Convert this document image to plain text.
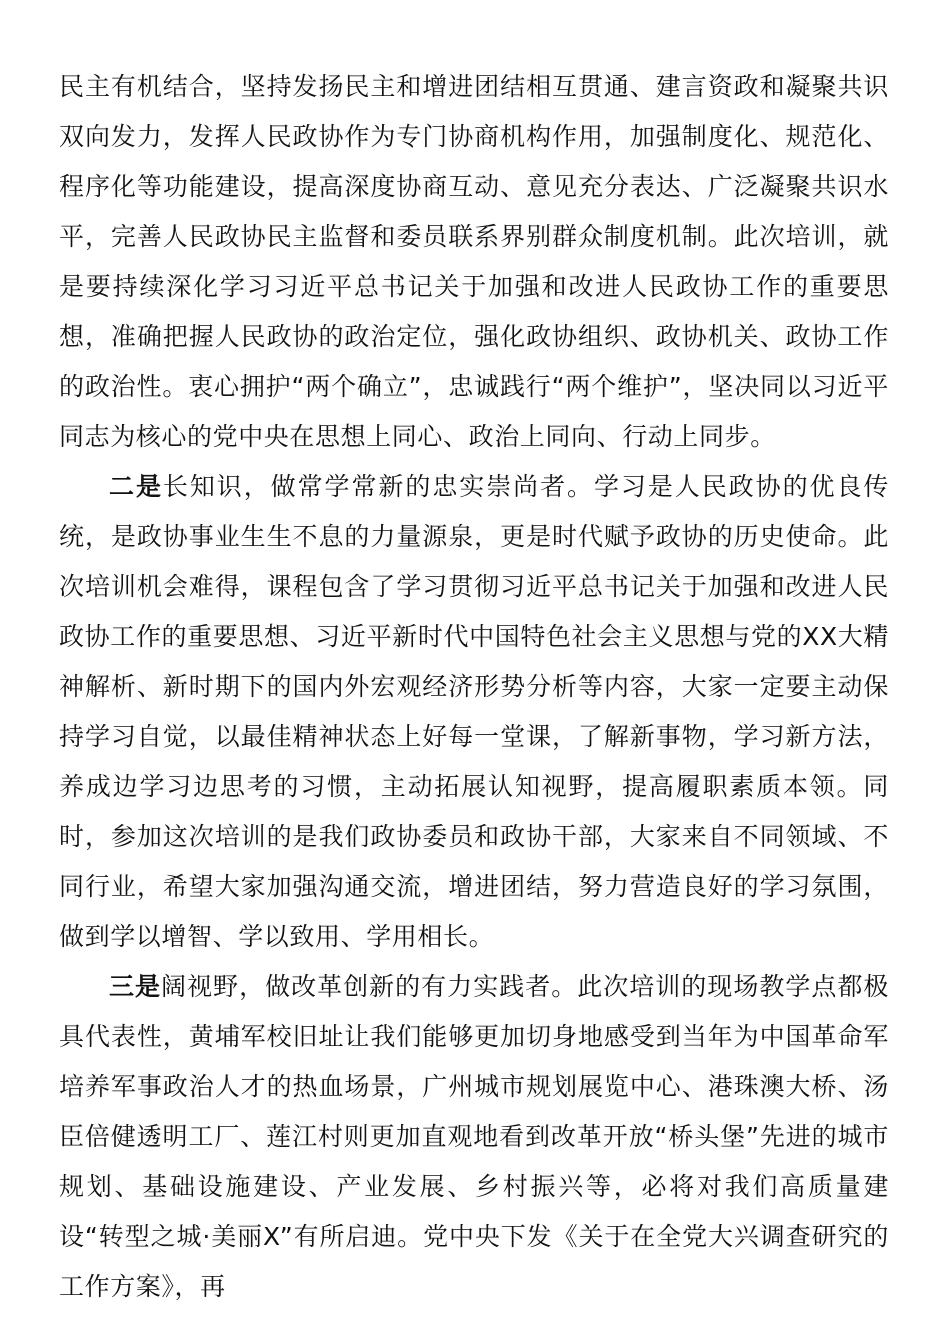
民主有机结合，坚持发扬民主和增进团结相互贯通、建言资政和凝聚共识双向发力，发挥人民政协作为专门协商机构作用，加强制度化、规范化、程序化等功能建设，提高深度协商互动、意见充分表达、广泛凝聚共识水平，完善人民政协民主监督和委员联系界别群众制度机制。此次培训，就是要持续深化学习习近平总书记关于加强和改进人民政协工作的重要思想，准确把握人民政协的政治定位，强化政协组织、政协机关、政协工作的政治性。衷心拥护“两个确立”，忠诚践行“两个维护”，坚决同以习近平同志为核心的党中央在思想上同心、政治上同向、行动上同步。

二是长知识，做常学常新的忠实崇尚者。学习是人民政协的优良传统，是政协事业生生不息的力量源泉，更是时代赋予政协的历史使命。此次培训机会难得，课程包含了学习贯彻习近平总书记关于加强和改进人民政协工作的重要思想、习近平新时代中国特色社会主义思想与党的XX大精神解析、新时期下的国内外宏观经济形势分析等内容，大家一定要主动保持学习自觉，以最佳精神状态上好每一堂课，了解新事物，学习新方法，养成边学习边思考的习惯，主动拓展认知视野，提高履职素质本领。同时，参加这次培训的是我们政协委员和政协干部，大家来自不同领域、不同行业，希望大家加强沟通交流，增进团结，努力营造良好的学习氛围，做到学以增智、学以致用、学用相长。

三是阔视野，做改革创新的有力实践者。此次培训的现场教学点都极具代表性，黄埔军校旧址让我们能够更加切身地感受到当年为中国革命军培养军事政治人才的热血场景，广州城市规划展览中心、港珠澳大桥、汤臣倍健透明工厂、莲江村则更加直观地看到改革开放“桥头堡”先进的城市规划、基础设施建设、产业发展、乡村振兴等，必将对我们高质量建设“转型之城·美丽X”有所启迪。党中央下发《关于在全党大兴调查研究的工作方案》，再
